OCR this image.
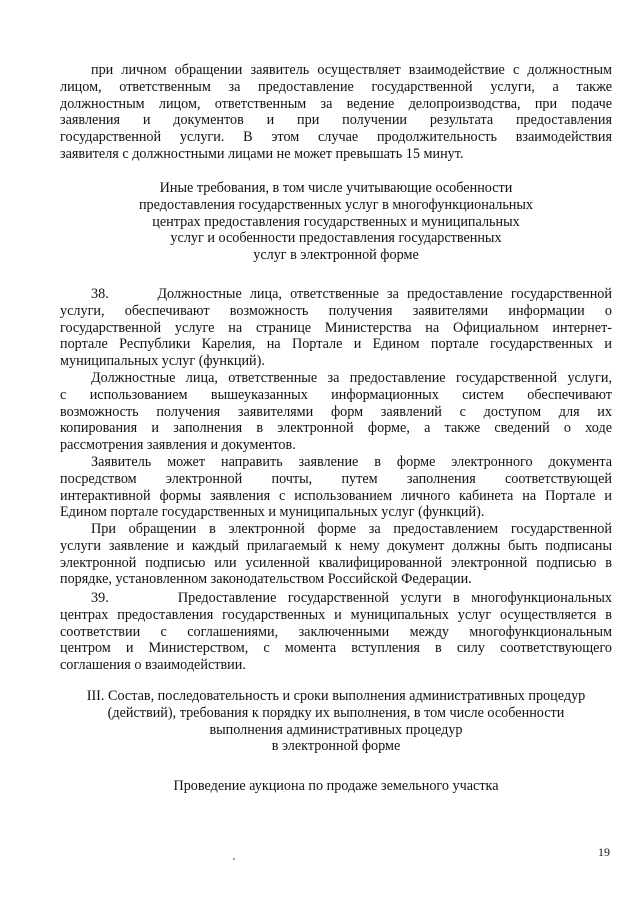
при личном обращении заявитель осуществляет взаимодействие с должностным
лицом, ответственным за предоставление государственной услуги, а также
должностным лицом, ответственным за ведение делопроизводства, при подаче
заявления и документов и при получении результата предоставления
государственной услуги. В этом случае продолжительность взаимодействия
заявителя с должностными лицами не может превышать 15 минут.
Иные требования, в том числе учитывающие особенности
предоставления государственных услуг в многофункциональных
центрах предоставления государственных и муниципальных
услуг и особенности предоставления государственных
услуг в электронной форме
38.      Должностные лица, ответственные за предоставление государственной
услуги, обеспечивают возможность получения заявителями информации о
государственной услуге на странице Министерства на Официальном интернет-
портале Республики Карелия, на Портале и Едином портале государственных и
муниципальных услуг (функций).
Должностные лица, ответственные за предоставление государственной услуги,
с использованием вышеуказанных информационных систем обеспечивают
возможность получения заявителями форм заявлений с доступом для их
копирования и заполнения в электронной форме, а также сведений о ходе
рассмотрения заявления и документов.
Заявитель может направить заявление в форме электронного документа
посредством электронной почты, путем заполнения соответствующей
интерактивной формы заявления с использованием личного кабинета на Портале и
Едином портале государственных и муниципальных услуг (функций).
При обращении в электронной форме за предоставлением государственной
услуги заявление и каждый прилагаемый к нему документ должны быть подписаны
электронной подписью или усиленной квалифицированной электронной подписью в
порядке, установленном законодательством Российской Федерации.
39.      Предоставление государственной услуги в многофункциональных
центрах предоставления государственных и муниципальных услуг осуществляется в
соответствии с соглашениями, заключенными между многофункциональным
центром и Министерством, с момента вступления в силу соответствующего
соглашения о взаимодействии.
III. Состав, последовательность и сроки выполнения административных процедур
(действий), требования к порядку их выполнения, в том числе особенности
выполнения административных процедур
в электронной форме
Проведение аукциона по продаже земельного участка
19
